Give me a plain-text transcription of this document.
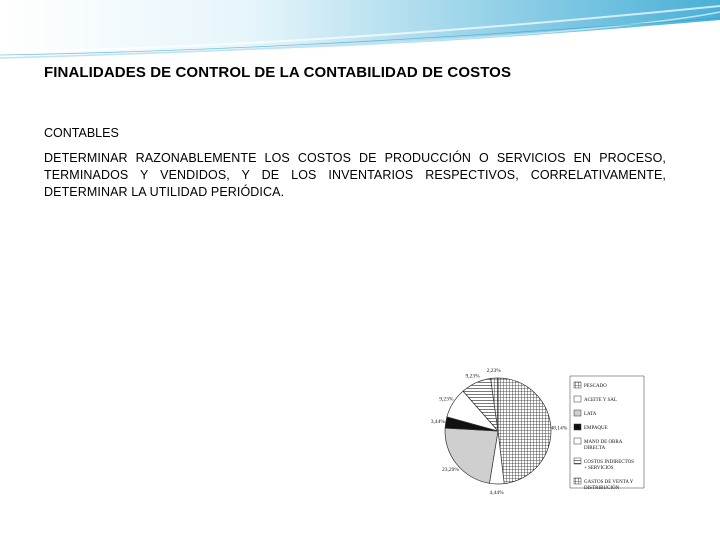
FINALIDADES DE CONTROL DE LA CONTABILIDAD DE COSTOS
CONTABLES
DETERMINAR RAZONABLEMENTE LOS COSTOS DE PRODUCCIÓN O SERVICIOS EN PROCESO, TERMINADOS Y VENDIDOS, Y DE LOS INVENTARIOS RESPECTIVOS, CORRELATIVAMENTE, DETERMINAR LA UTILIDAD PERIÓDICA.
48,14%
4,44%
23,29%
3,44%
9,23%
9,23%
2,23%
PESCADO
ACEITE Y SAL
LATA
EMPAQUE
MANO DE OBRA
DIRECTA
COSTOS INDIRECTOS
+ SERVICIOS
GASTOS DE VENTA Y
DISTRIBUCIÓN
